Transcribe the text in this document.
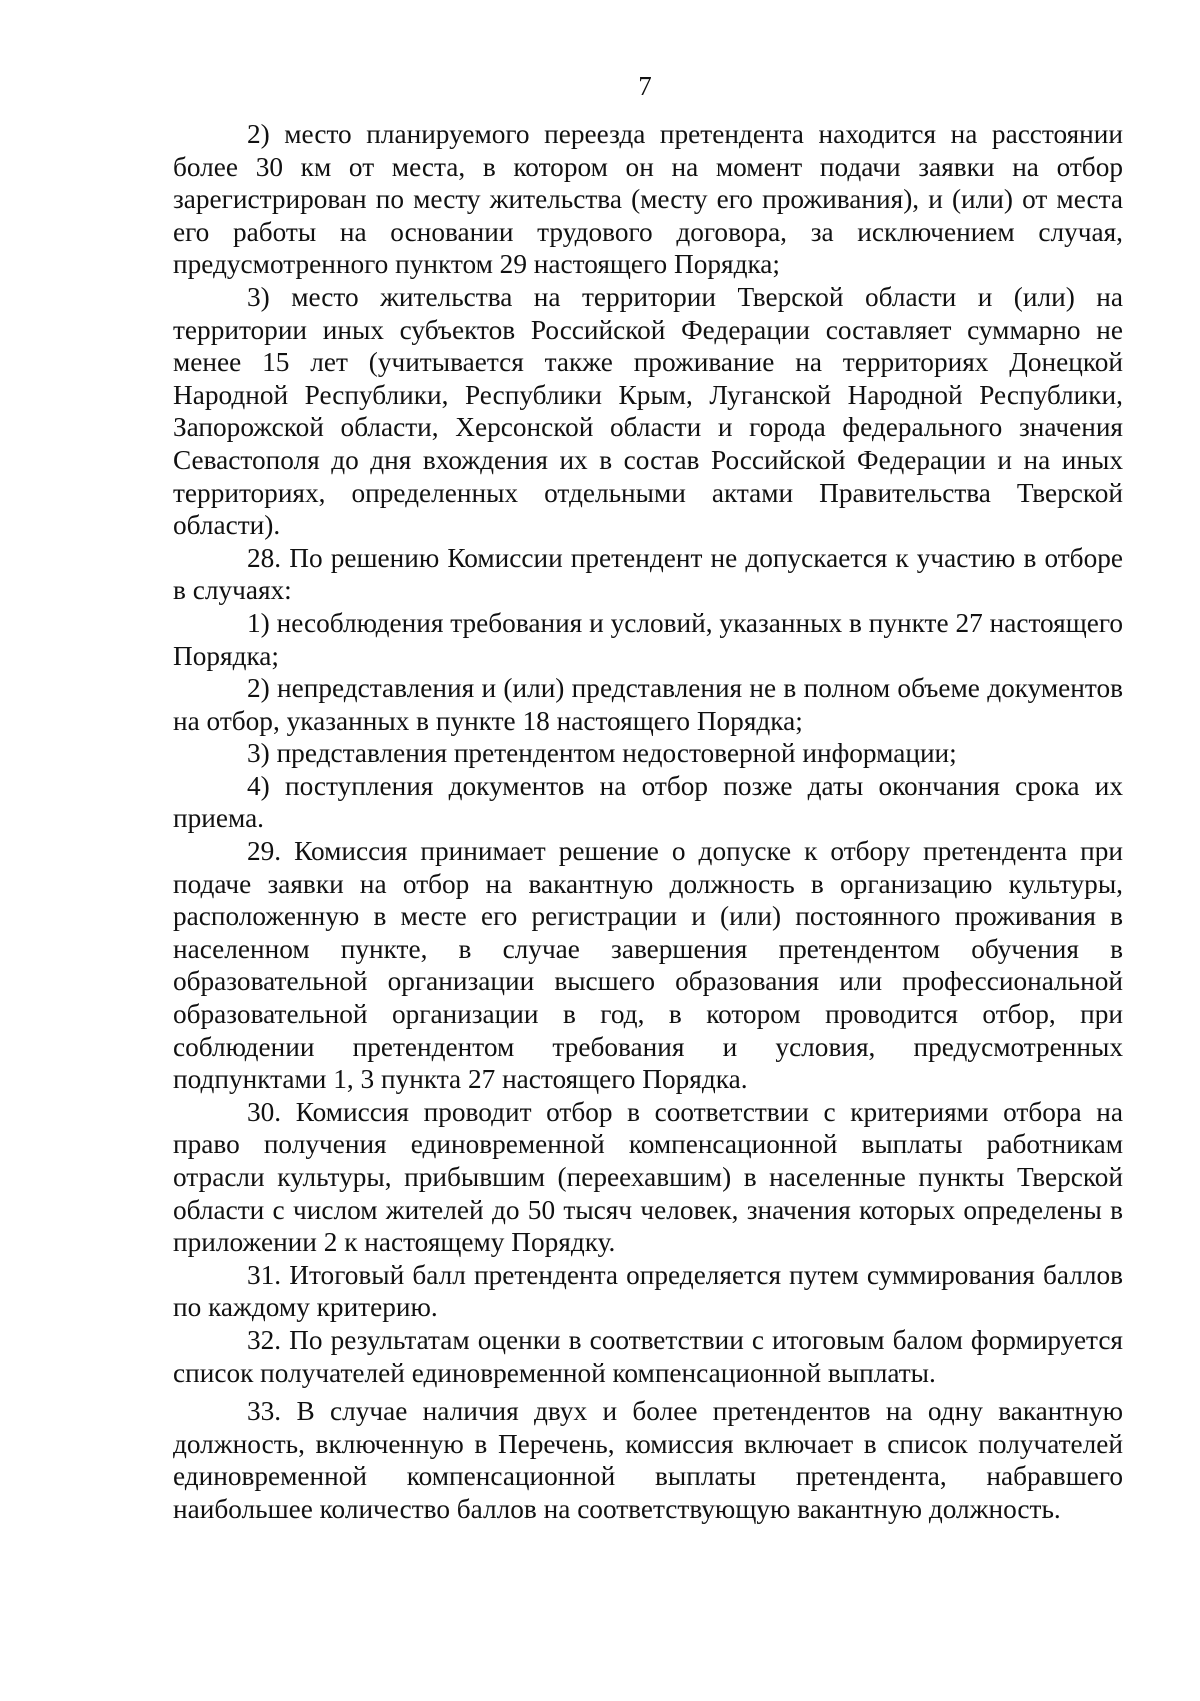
7

2) место планируемого переезда претендента находится на расстоянии более 30 км от места, в котором он на момент подачи заявки на отбор зарегистрирован по месту жительства (месту его проживания), и (или) от места его работы на основании трудового договора, за исключением случая, предусмотренного пунктом 29 настоящего Порядка;

3) место жительства на территории Тверской области и (или) на территории иных субъектов Российской Федерации составляет суммарно не менее 15 лет (учитывается также проживание на территориях Донецкой Народной Республики, Республики Крым, Луганской Народной Республики, Запорожской области, Херсонской области и города федерального значения Севастополя до дня вхождения их в состав Российской Федерации и на иных территориях, определенных отдельными актами Правительства Тверской области).

28. По решению Комиссии претендент не допускается к участию в отборе в случаях:

1) несоблюдения требования и условий, указанных в пункте 27 настоящего Порядка;

2) непредставления и (или) представления не в полном объеме документов на отбор, указанных в пункте 18 настоящего Порядка;

3) представления претендентом недостоверной информации;

4) поступления документов на отбор позже даты окончания срока их приема.

29. Комиссия принимает решение о допуске к отбору претендента при подаче заявки на отбор на вакантную должность в организацию культуры, расположенную в месте его регистрации и (или) постоянного проживания в населенном пункте, в случае завершения претендентом обучения в образовательной организации высшего образования или профессиональной образовательной организации в год, в котором проводится отбор, при соблюдении претендентом требования и условия, предусмотренных подпунктами 1, 3 пункта 27 настоящего Порядка.

30. Комиссия проводит отбор в соответствии с критериями отбора на право получения единовременной компенсационной выплаты работникам отрасли культуры, прибывшим (переехавшим) в населенные пункты Тверской области с числом жителей до 50 тысяч человек, значения которых определены в приложении 2 к настоящему Порядку.

31. Итоговый балл претендента определяется путем суммирования баллов по каждому критерию.

32. По результатам оценки в соответствии с итоговым балом формируется список получателей единовременной компенсационной выплаты.

33. В случае наличия двух и более претендентов на одну вакантную должность, включенную в Перечень, комиссия включает в список получателей единовременной компенсационной выплаты претендента, набравшего наибольшее количество баллов на соответствующую вакантную должность.
